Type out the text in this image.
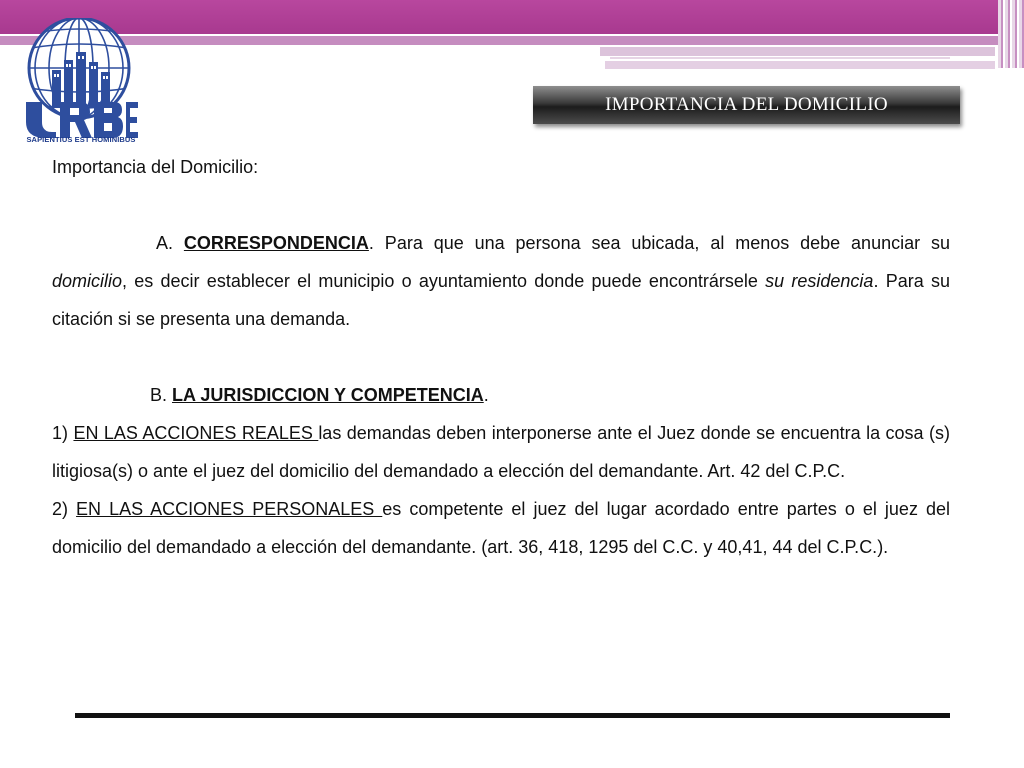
SAPIENTIUS EST HOMINIBUS
IMPORTANCIA DEL DOMICILIO

Importancia del Domicilio:

A. CORRESPONDENCIA. Para que una persona sea ubicada, al menos debe anunciar su domicilio, es decir establecer el municipio o ayuntamiento donde puede encontrársele su residencia. Para su citación si se presenta una demanda.

B. LA JURISDICCION Y COMPETENCIA.

1) EN LAS ACCIONES REALES las demandas deben interponerse ante el Juez donde se encuentra la cosa (s) litigiosa(s) o ante el juez del domicilio del demandado a elección del demandante. Art. 42 del C.P.C.

2) EN LAS ACCIONES PERSONALES es competente el juez del lugar acordado entre partes o el juez del domicilio del demandado a elección del demandante. (art. 36, 418, 1295 del C.C. y 40,41, 44 del C.P.C.).
